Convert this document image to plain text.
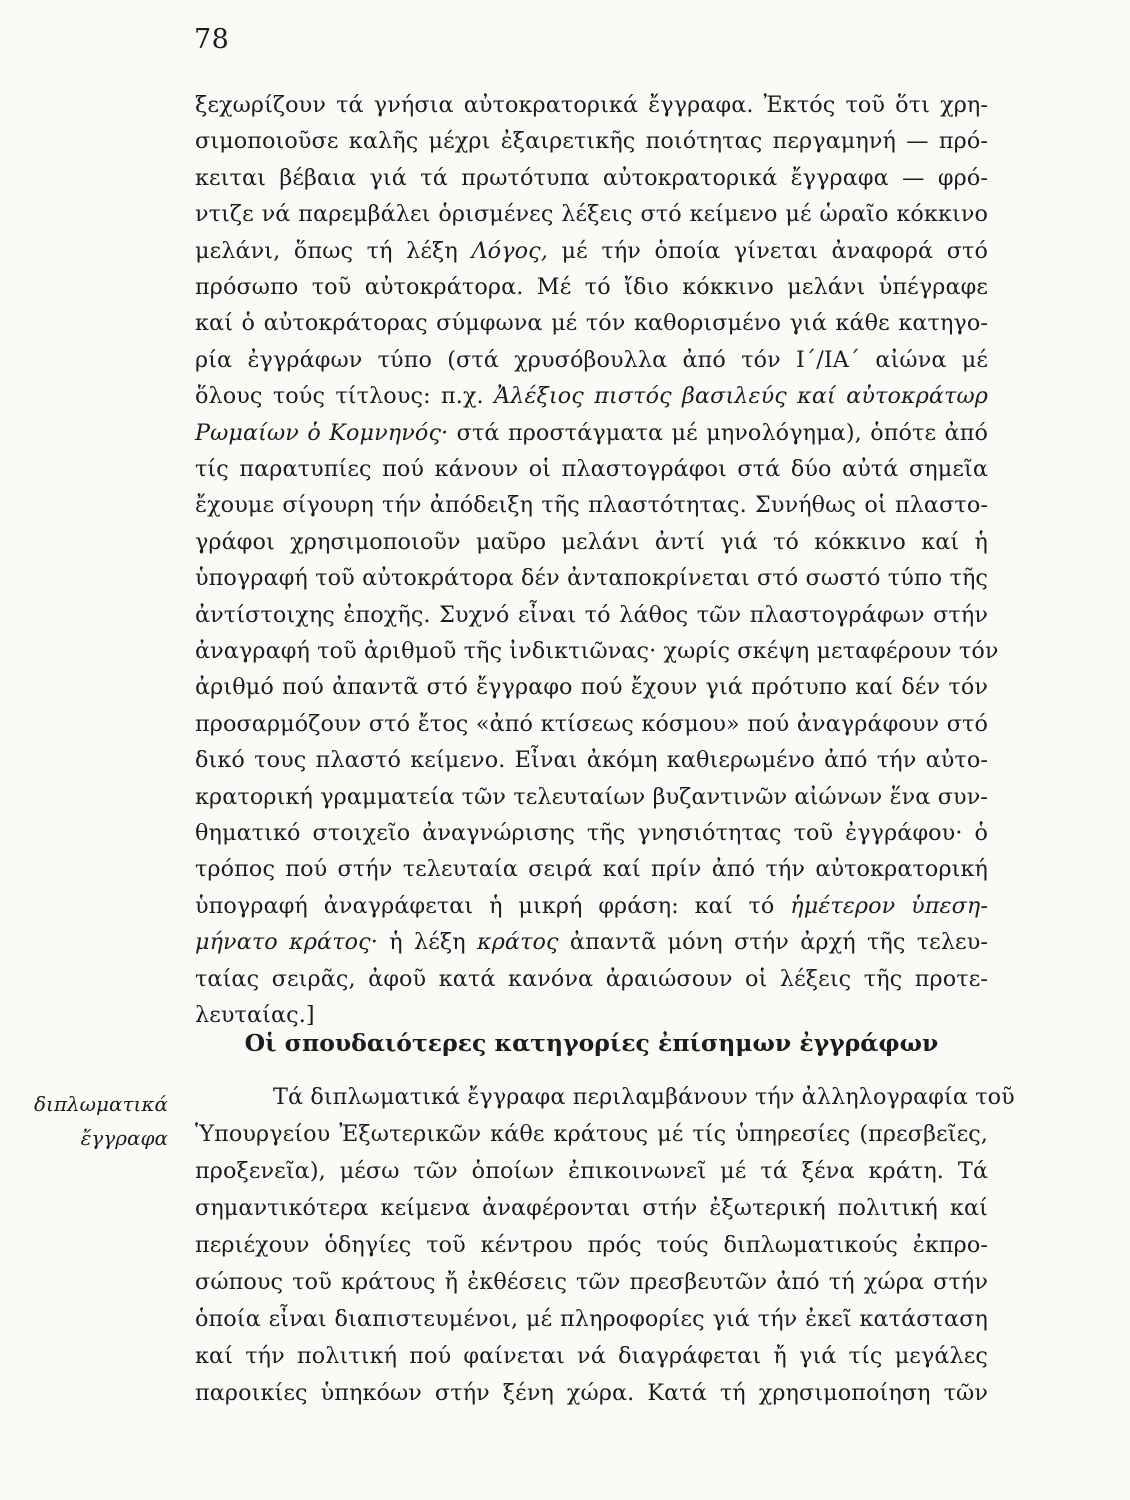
78
ξεχωρίζουν τά γνήσια αὐτοκρατορικά ἔγγραφα. Ἐκτός τοῦ ὅτι χρη-
σιμοποιοῦσε καλῆς μέχρι ἐξαιρετικῆς ποιότητας περγαμηνή — πρό-
κειται βέβαια γιά τά πρωτότυπα αὐτοκρατορικά ἔγγραφα — φρό-
ντιζε νά παρεμβάλει ὁρισμένες λέξεις στό κείμενο μέ ὡραῖο κόκκινο
μελάνι, ὅπως τή λέξη Λόγος, μέ τήν ὁποία γίνεται ἀναφορά στό
πρόσωπο τοῦ αὐτοκράτορα. Μέ τό ἴδιο κόκκινο μελάνι ὑπέγραφε
καί ὁ αὐτοκράτορας σύμφωνα μέ τόν καθορισμένο γιά κάθε κατηγο-
ρία ἐγγράφων τύπο (στά χρυσόβουλλα ἀπό τόν Ι΄/ΙΑ΄ αἰώνα μέ
ὅλους τούς τίτλους: π.χ. Ἀλέξιος πιστός βασιλεύς καί αὐτοκράτωρ
Ρωμαίων ὁ Κομνηνός· στά προστάγματα μέ μηνολόγημα), ὁπότε ἀπό
τίς παρατυπίες πού κάνουν οἱ πλαστογράφοι στά δύο αὐτά σημεῖα
ἔχουμε σίγουρη τήν ἀπόδειξη τῆς πλαστότητας. Συνήθως οἱ πλαστο-
γράφοι χρησιμοποιοῦν μαῦρο μελάνι ἀντί γιά τό κόκκινο καί ἡ
ὑπογραφή τοῦ αὐτοκράτορα δέν ἀνταποκρίνεται στό σωστό τύπο τῆς
ἀντίστοιχης ἐποχῆς. Συχνό εἶναι τό λάθος τῶν πλαστογράφων στήν
ἀναγραφή τοῦ ἀριθμοῦ τῆς ἰνδικτιῶνας· χωρίς σκέψη μεταφέρουν τόν
ἀριθμό πού ἀπαντᾶ στό ἔγγραφο πού ἔχουν γιά πρότυπο καί δέν τόν
προσαρμόζουν στό ἔτος «ἀπό κτίσεως κόσμου» πού ἀναγράφουν στό
δικό τους πλαστό κείμενο. Εἶναι ἀκόμη καθιερωμένο ἀπό τήν αὐτο-
κρατορική γραμματεία τῶν τελευταίων βυζαντινῶν αἰώνων ἕνα συν-
θηματικό στοιχεῖο ἀναγνώρισης τῆς γνησιότητας τοῦ ἐγγράφου· ὁ
τρόπος πού στήν τελευταία σειρά καί πρίν ἀπό τήν αὐτοκρατορική
ὑπογραφή ἀναγράφεται ἡ μικρή φράση: καί τό ἡμέτερον ὑπεση-
μήνατο κράτος· ἡ λέξη κράτος ἀπαντᾶ μόνη στήν ἀρχή τῆς τελευ-
ταίας σειρᾶς, ἀφοῦ κατά κανόνα ἀραιώσουν οἱ λέξεις τῆς προτε-
λευταίας.]
Οἱ σπουδαιότερες κατηγορίες ἐπίσημων ἐγγράφων
διπλωματικά
ἔγγραφα
Τά διπλωματικά ἔγγραφα περιλαμβάνουν τήν ἀλληλογραφία τοῦ
Ὑπουργείου Ἐξωτερικῶν κάθε κράτους μέ τίς ὑπηρεσίες (πρεσβεῖες,
προξενεῖα), μέσω τῶν ὁποίων ἐπικοινωνεῖ μέ τά ξένα κράτη. Τά
σημαντικότερα κείμενα ἀναφέρονται στήν ἐξωτερική πολιτική καί
περιέχουν ὁδηγίες τοῦ κέντρου πρός τούς διπλωματικούς ἐκπρο-
σώπους τοῦ κράτους ἤ ἐκθέσεις τῶν πρεσβευτῶν ἀπό τή χώρα στήν
ὁποία εἶναι διαπιστευμένοι, μέ πληροφορίες γιά τήν ἐκεῖ κατάσταση
καί τήν πολιτική πού φαίνεται νά διαγράφεται ἤ γιά τίς μεγάλες
παροικίες ὑπηκόων στήν ξένη χώρα. Κατά τή χρησιμοποίηση τῶν
